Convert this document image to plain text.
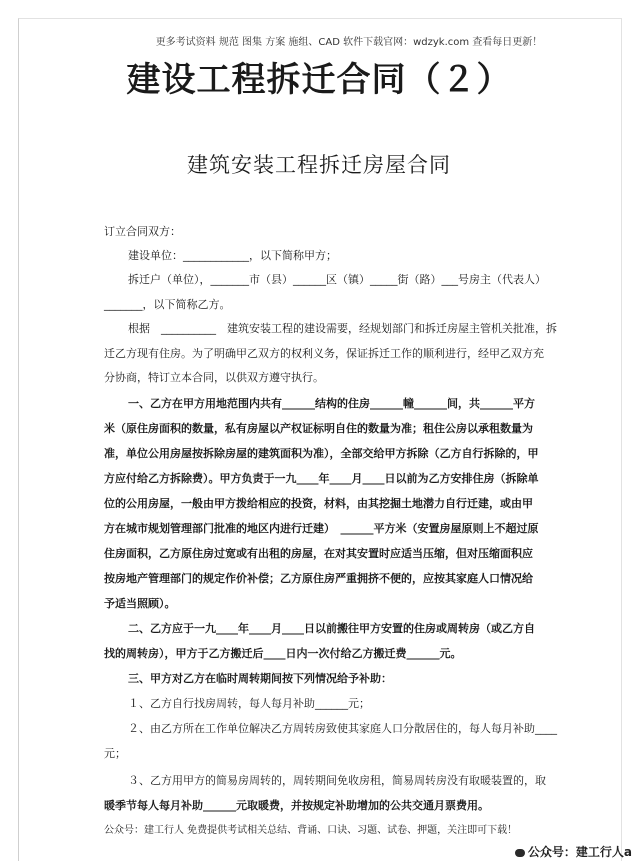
更多考试资料 规范 图集 方案 施组、CAD 软件下载官网：wdzyk.com 查看每日更新！
建设工程拆迁合同（２）
建筑安装工程拆迁房屋合同
订立合同双方：
建设单位：____________，以下简称甲方；
拆迁户（单位），_______市（县）______区（镇）_____街（路）___号房主（代表人）
_______，以下简称乙方。
根据　__________　建筑安装工程的建设需要，经规划部门和拆迁房屋主管机关批准，拆
迁乙方现有住房。为了明确甲乙双方的权利义务，保证拆迁工作的顺利进行，经甲乙双方充
分协商，特订立本合同，以供双方遵守执行。
一、乙方在甲方用地范围内共有______结构的住房______幢______间，共______平方
米（原住房面积的数量，私有房屋以产权证标明自住的数量为准；租住公房以承租数量为
准，单位公用房屋按拆除房屋的建筑面积为准），全部交给甲方拆除（乙方自行拆除的，甲
方应付给乙方拆除费）。甲方负责于一九____年____月____日以前为乙方安排住房（拆除单
位的公用房屋，一般由甲方拨给相应的投资，材料，由其挖掘土地潜力自行迁建，或由甲
方在城市规划管理部门批准的地区内进行迁建）　______平方米（安置房屋原则上不超过原
住房面积，乙方原住房过宽或有出租的房屋，在对其安置时应适当压缩，但对压缩面积应
按房地产管理部门的规定作价补偿；乙方原住房严重拥挤不便的，应按其家庭人口情况给
予适当照顾）。
二、乙方应于一九____年____月____日以前搬往甲方安置的住房或周转房（或乙方自
找的周转房），甲方于乙方搬迁后____日内一次付给乙方搬迁费______元。
三、甲方对乙方在临时周转期间按下列情况给予补助：
１、乙方自行找房周转，每人每月补助______元；
２、由乙方所在工作单位解决乙方周转房致使其家庭人口分散居住的，每人每月补助____
元；
３、乙方用甲方的简易房周转的，周转期间免收房租，简易周转房没有取暖装置的，取
暖季节每人每月补助______元取暖费，并按规定补助增加的公共交通月票费用。
公众号：建工行人 免费提供考试相关总结、背诵、口诀、习题、试卷、押题，关注即可下载！
公众号：建工行人a
